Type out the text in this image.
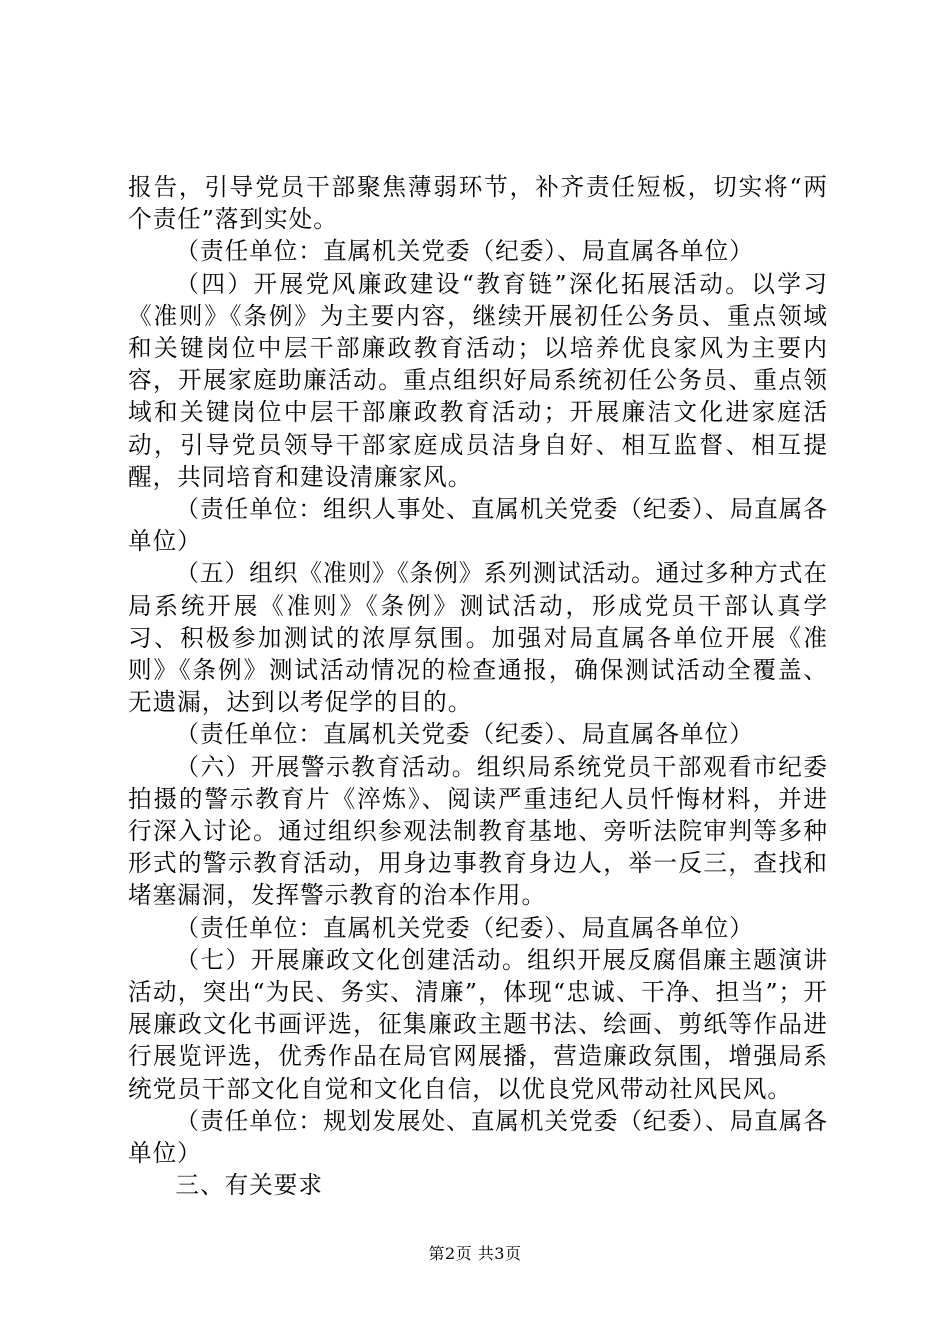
报告，引导党员干部聚焦薄弱环节，补齐责任短板，切实将“两个责任”落到实处。

（责任单位：直属机关党委（纪委）、局直属各单位）

（四）开展党风廉政建设“教育链”深化拓展活动。以学习《准则》《条例》为主要内容，继续开展初任公务员、重点领域和关键岗位中层干部廉政教育活动；以培养优良家风为主要内容，开展家庭助廉活动。重点组织好局系统初任公务员、重点领域和关键岗位中层干部廉政教育活动；开展廉洁文化进家庭活动，引导党员领导干部家庭成员洁身自好、相互监督、相互提醒，共同培育和建设清廉家风。

（责任单位：组织人事处、直属机关党委（纪委）、局直属各单位）

（五）组织《准则》《条例》系列测试活动。通过多种方式在局系统开展《准则》《条例》测试活动，形成党员干部认真学习、积极参加测试的浓厚氛围。加强对局直属各单位开展《准则》《条例》测试活动情况的检查通报，确保测试活动全覆盖、无遗漏，达到以考促学的目的。

（责任单位：直属机关党委（纪委）、局直属各单位）

（六）开展警示教育活动。组织局系统党员干部观看市纪委拍摄的警示教育片《淬炼》、阅读严重违纪人员忏悔材料，并进行深入讨论。通过组织参观法制教育基地、旁听法院审判等多种形式的警示教育活动，用身边事教育身边人，举一反三，查找和堵塞漏洞，发挥警示教育的治本作用。

（责任单位：直属机关党委（纪委）、局直属各单位）

（七）开展廉政文化创建活动。组织开展反腐倡廉主题演讲活动，突出“为民、务实、清廉”，体现“忠诚、干净、担当”；开展廉政文化书画评选，征集廉政主题书法、绘画、剪纸等作品进行展览评选，优秀作品在局官网展播，营造廉政氛围，增强局系统党员干部文化自觉和文化自信，以优良党风带动社风民风。

（责任单位：规划发展处、直属机关党委（纪委）、局直属各单位）

三、有关要求

第2页 共3页
